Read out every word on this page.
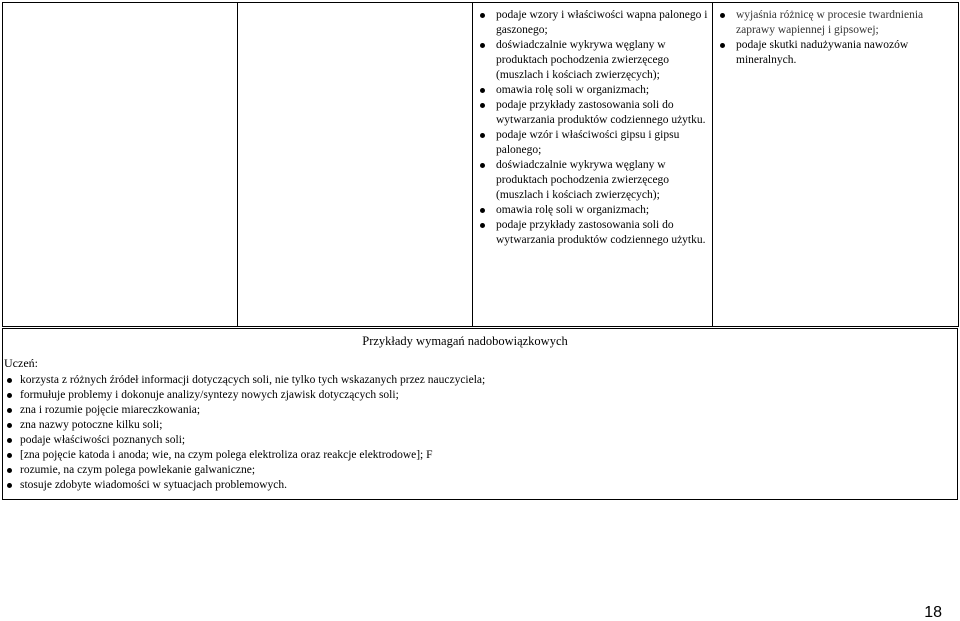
podaje wzory i właściwości wapna palonego i gaszonego;
doświadczalnie wykrywa węglany w produktach pochodzenia zwierzęcego (muszlach i kościach zwierzęcych);
omawia rolę soli w organizmach;
podaje przykłady zastosowania soli do wytwarzania produktów codziennego użytku.
podaje wzór i właściwości gipsu i gipsu palonego;
doświadczalnie wykrywa węglany w produktach pochodzenia zwierzęcego (muszlach i kościach zwierzęcych);
omawia rolę soli w organizmach;
podaje przykłady zastosowania soli do wytwarzania produktów codziennego użytku.

wyjaśnia różnicę w procesie twardnienia zaprawy wapiennej i gipsowej;
podaje skutki nadużywania nawozów mineralnych.
Przykłady wymagań nadobowiązkowych
Uczeń:
korzysta z różnych źródeł informacji dotyczących soli, nie tylko tych wskazanych przez nauczyciela;
formułuje problemy i dokonuje analizy/syntezy nowych zjawisk dotyczących soli;
zna i rozumie pojęcie miareczkowania;
zna nazwy potoczne kilku soli;
podaje właściwości poznanych soli;
[zna pojęcie katoda i anoda; wie, na czym polega elektroliza oraz reakcje elektrodowe]; F
rozumie, na czym polega powlekanie galwaniczne;
stosuje zdobyte wiadomości w sytuacjach problemowych.
18
